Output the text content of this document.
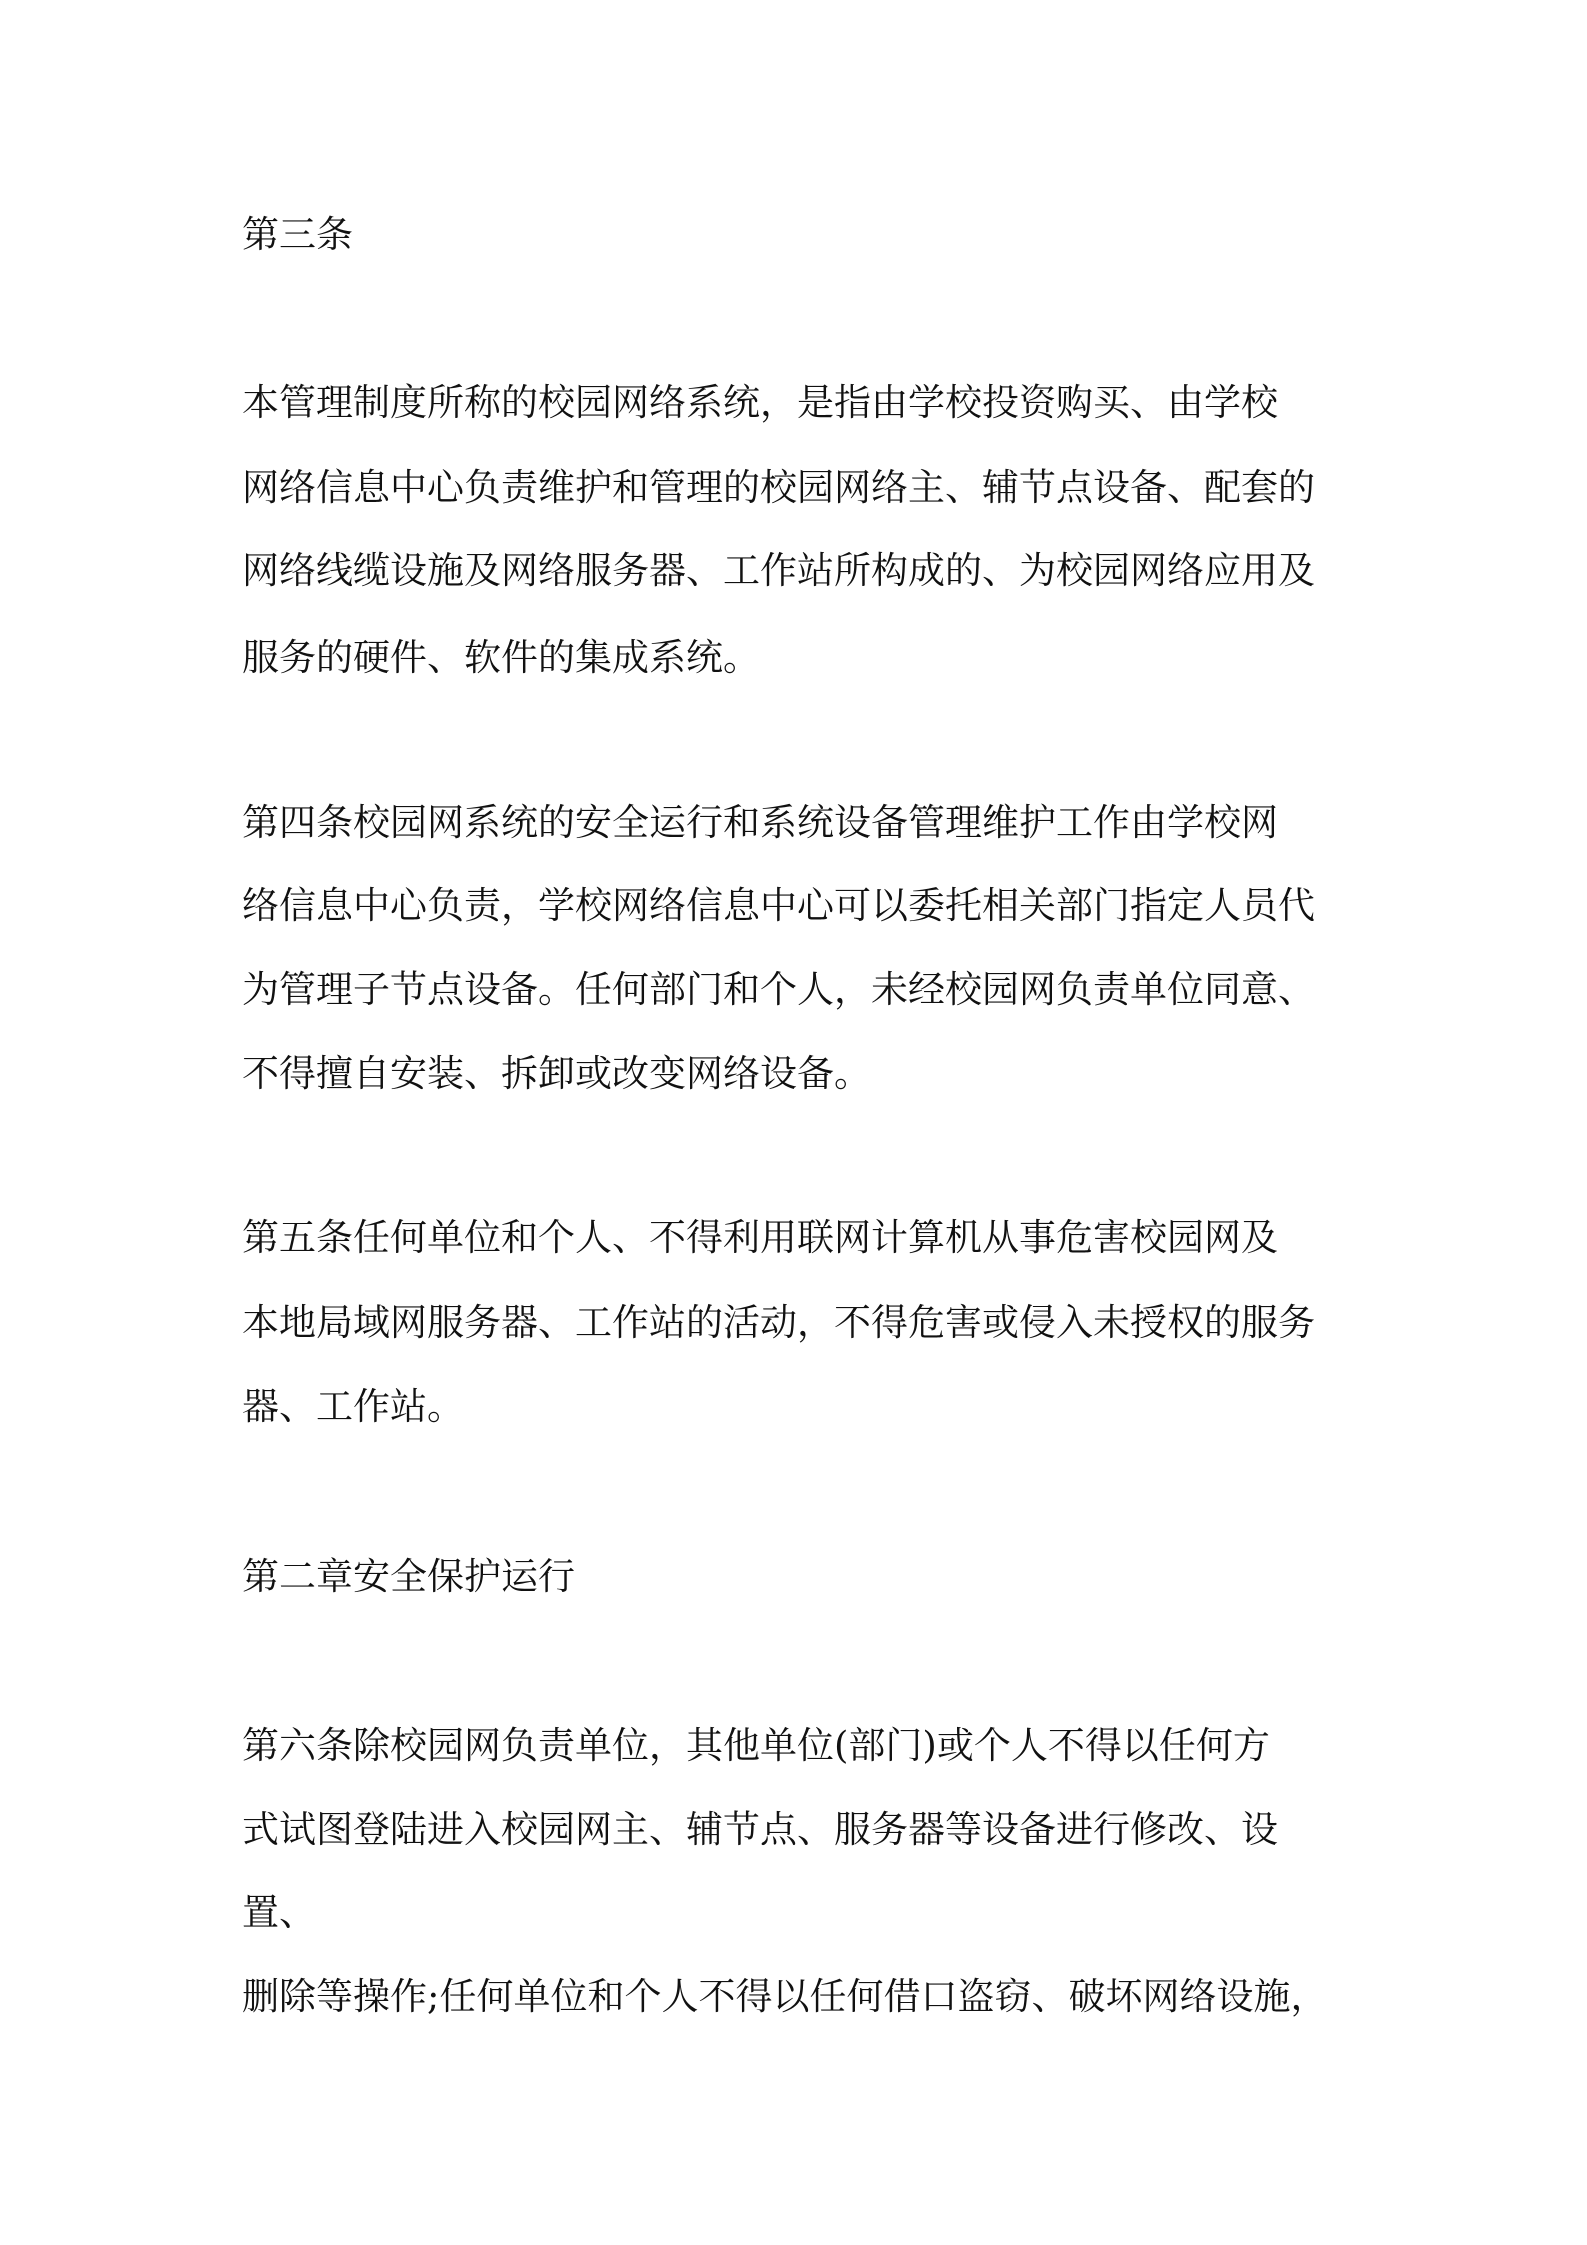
第三条
本管理制度所称的校园网络系统，是指由学校投资购买、由学校
网络信息中心负责维护和管理的校园网络主、辅节点设备、配套的
网络线缆设施及网络服务器、工作站所构成的、为校园网络应用及
服务的硬件、软件的集成系统。
第四条校园网系统的安全运行和系统设备管理维护工作由学校网
络信息中心负责，学校网络信息中心可以委托相关部门指定人员代
为管理子节点设备。任何部门和个人，未经校园网负责单位同意、
不得擅自安装、拆卸或改变网络设备。
第五条任何单位和个人、不得利用联网计算机从事危害校园网及
本地局域网服务器、工作站的活动，不得危害或侵入未授权的服务
器、工作站。
第二章安全保护运行
第六条除校园网负责单位，其他单位(部门)或个人不得以任何方
式试图登陆进入校园网主、辅节点、服务器等设备进行修改、设
置、
删除等操作;任何单位和个人不得以任何借口盗窃、破坏网络设施，
